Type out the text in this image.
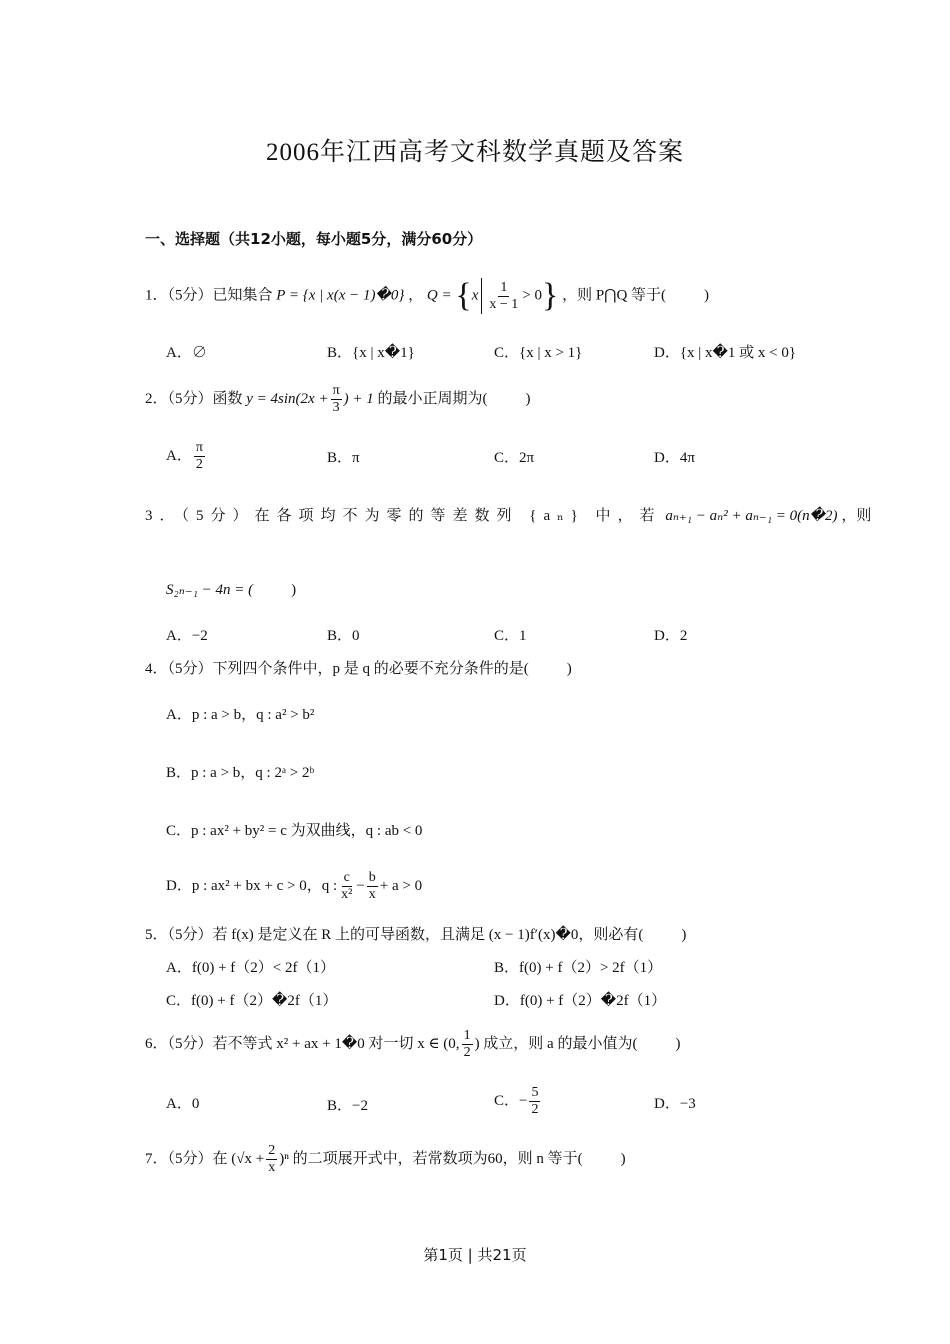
2006年江西高考文科数学真题及答案
一、选择题（共12小题，每小题5分，满分60分）
1．（5分）已知集合 P = {x | x(x − 1)�0} ， $Q = \{x \frac{1}{x - 1} > 0\}$ ，则 P⋂Q 等于(	)
A．∅	B．{x | x�1}	C．{x | x > 1}	D．{x | x�1 或 x < 0}
2．（5分）函数 $y = 4\sin(2x + \frac{\pi}{3}$ ) + 1 的最小正周期为(	)
A． $\frac{\pi}{2}$	B．π	C．2π	D．4π
3．（5分）在各项均不为零的等差数列 {aₙ} 中，若 aₙ₊₁ − aₙ² + aₙ₋₁ = 0(n�2) ，则
S₂ₙ₋₁ − 4n = (	)
A．−2	B．0	C．1	D．2
4．（5分）下列四个条件中，p 是 q 的必要不充分条件的是(	)
A．p : a > b，q : a² > b²
B．p : a > b，q : 2ᵃ > 2ᵇ
C．p : ax² + by² = c 为双曲线，q : ab < 0
D．p : ax² + bx + c > 0，q : $\frac{c}{\text{x²}} - \frac{b}{x} + a > 0$
5．（5分）若 f(x) 是定义在 R 上的可导函数，且满足 (x − 1)f′(x)�0，则必有(	)
A．f(0) + f（2）< 2f（1）	B．f(0) + f（2）> 2f（1）
C．f(0) + f（2）�2f（1）	D．f(0) + f（2）�2f（1）
6．（5分）若不等式 x² + ax + 1�0 对一切 x ∈ (0, $\frac{1}{2}$ ) 成立，则 a 的最小值为(	)
A．0	B．−2	C．− $\frac{5}{2}$	D．−3
7．（5分）在 $(√x + \frac{2}{x} )^n$ 的二项展开式中，若常数项为60，则 n 等于(	)
第1页 | 共21页
